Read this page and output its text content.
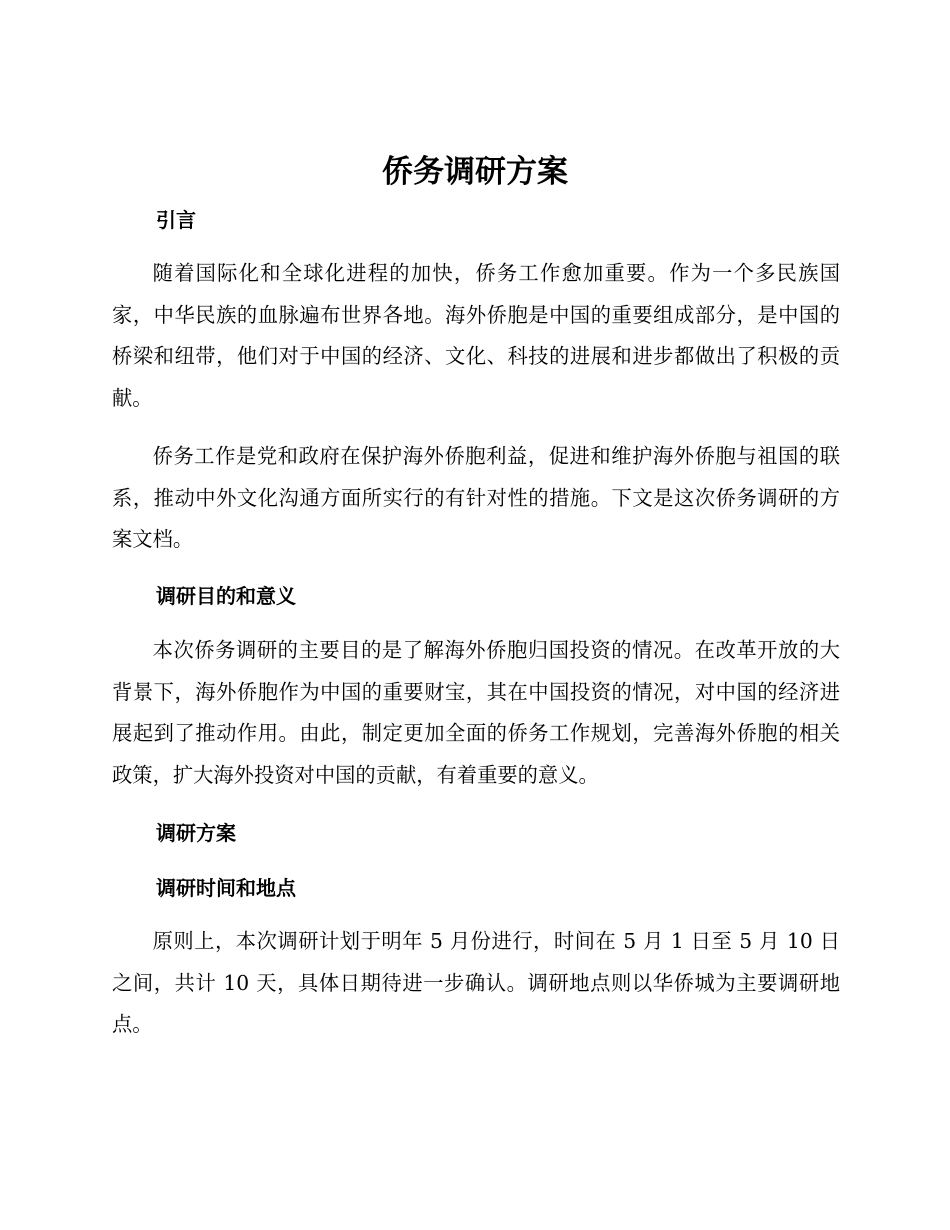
侨务调研方案
引言

随着国际化和全球化进程的加快，侨务工作愈加重要。作为一个多民族国家，中华民族的血脉遍布世界各地。海外侨胞是中国的重要组成部分，是中国的桥梁和纽带，他们对于中国的经济、文化、科技的进展和进步都做出了积极的贡献。

侨务工作是党和政府在保护海外侨胞利益，促进和维护海外侨胞与祖国的联系，推动中外文化沟通方面所实行的有针对性的措施。下文是这次侨务调研的方案文档。

调研目的和意义

本次侨务调研的主要目的是了解海外侨胞归国投资的情况。在改革开放的大背景下，海外侨胞作为中国的重要财宝，其在中国投资的情况，对中国的经济进展起到了推动作用。由此，制定更加全面的侨务工作规划，完善海外侨胞的相关政策，扩大海外投资对中国的贡献，有着重要的意义。

调研方案
调研时间和地点

原则上，本次调研计划于明年 5 月份进行，时间在 5 月 1 日至 5 月 10 日之间，共计 10 天，具体日期待进一步确认。调研地点则以华侨城为主要调研地点。
